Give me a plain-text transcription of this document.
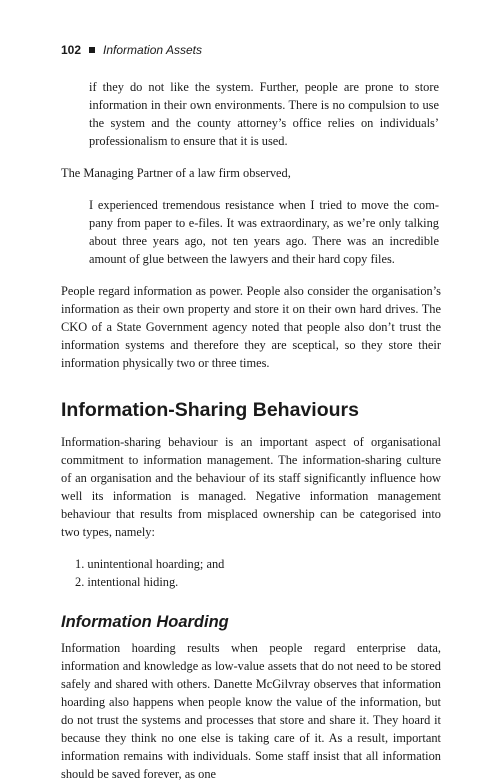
102 Information Assets

if they do not like the system. Further, people are prone to store information in their own environments. There is no compulsion to use the system and the county attorney’s office relies on individuals’ professionalism to ensure that it is used.

The Managing Partner of a law firm observed,

I experienced tremendous resistance when I tried to move the company from paper to e-files. It was extraordinary, as we’re only talking about three years ago, not ten years ago. There was an incredible amount of glue between the lawyers and their hard copy files.

People regard information as power. People also consider the organisation’s information as their own property and store it on their own hard drives. The CKO of a State Government agency noted that people also don’t trust the information systems and therefore they are sceptical, so they store their information physically two or three times.

Information-Sharing Behaviours

Information-sharing behaviour is an important aspect of organisational commitment to information management. The information-sharing culture of an organisation and the behaviour of its staff significantly influence how well its information is managed. Negative information management behaviour that results from misplaced ownership can be categorised into two types, namely:

1. unintentional hoarding; and
2. intentional hiding.
Information Hoarding

Information hoarding results when people regard enterprise data, information and knowledge as low-value assets that do not need to be stored safely and shared with others. Danette McGilvray observes that information hoarding also happens when people know the value of the information, but do not trust the systems and processes that store and share it. They hoard it because they think no one else is taking care of it. As a result, important information remains with individuals. Some staff insist that all information should be saved forever, as one
